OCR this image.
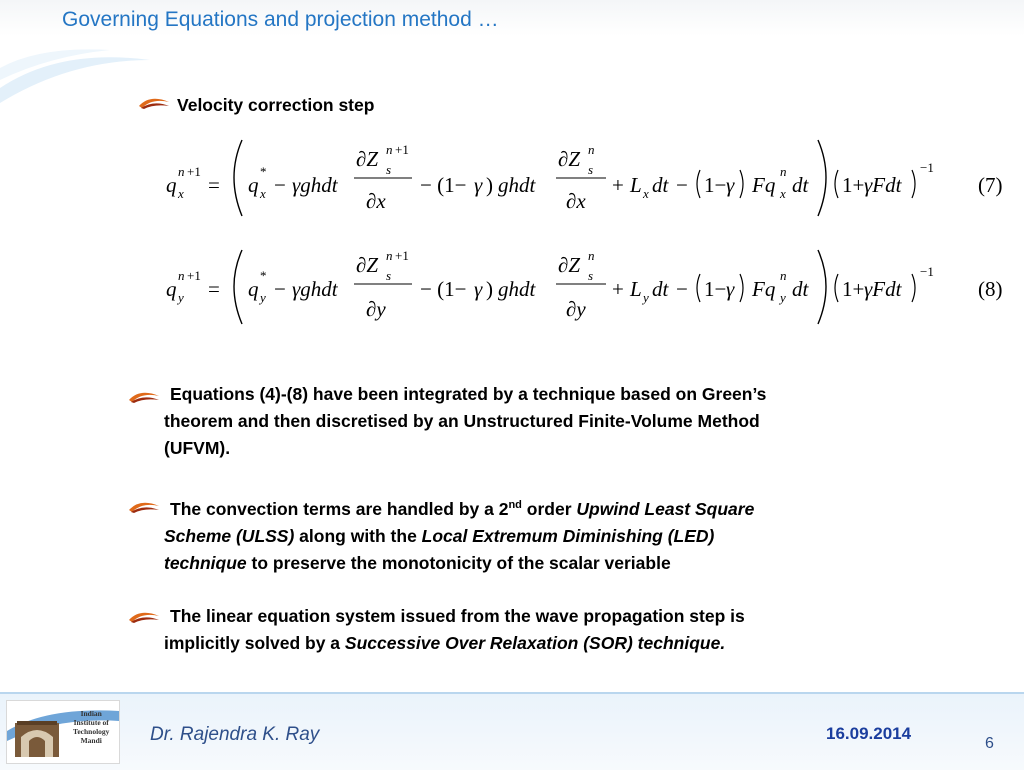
Governing Equations and projection method …
Velocity correction step
q
n +1
x = q
*
x − γghdt
∂Z n +1
s
∂x
− (1− γ ) ghdt
∂Z n
s
∂x
+ L x dt − 1− γ Fq
n
x dt 1+ γFdt
−1
(7)
q
n +1
y = q
*
y − γghdt
∂Z n +1
s
∂y
− (1− γ ) ghdt
∂Z n
s
∂y
+ L y dt − 1− γ Fq
n
y dt 1+ γFdt
−1
(8)
Equations (4)-(8) have been integrated by a technique based on Green’s
theorem and then discretised by an Unstructured Finite-Volume Method
(UFVM).
The convection terms are handled by a 2nd order Upwind Least Square
Scheme (ULSS) along with the Local Extremum Diminishing (LED)
technique to preserve the monotonicity of the scalar veriable
The linear equation system issued from the wave propagation step is
implicitly solved by a Successive Over Relaxation (SOR) technique.
Indian
Institute of
Technology
Mandi	Dr. Rajendra K. Ray	16.09.2014
6
